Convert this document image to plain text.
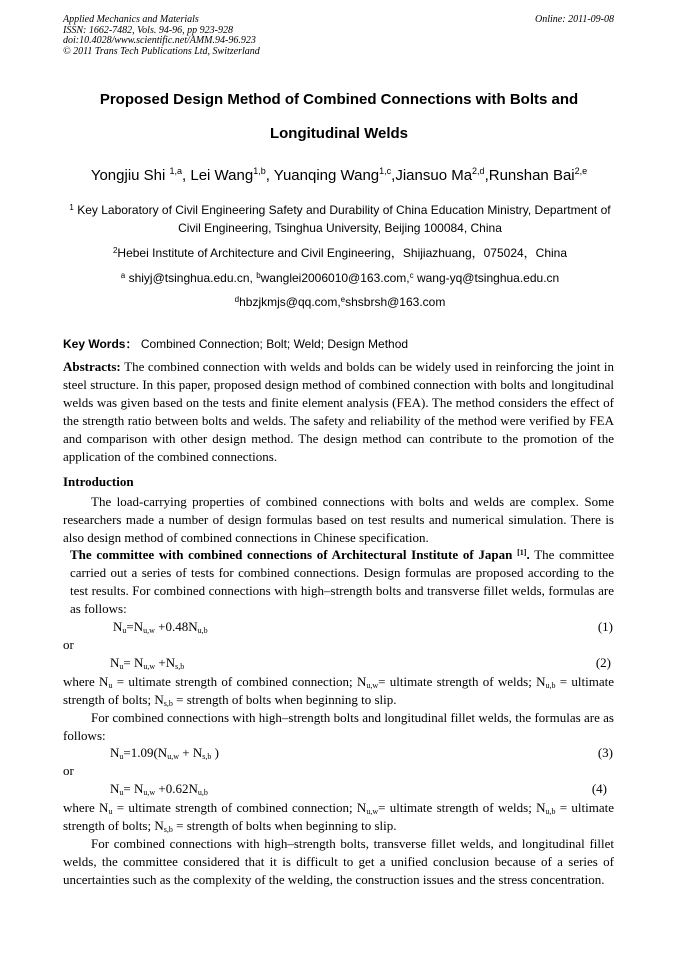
Applied Mechanics and Materials
ISSN: 1662-7482, Vols. 94-96, pp 923-928
doi:10.4028/www.scientific.net/AMM.94-96.923
© 2011 Trans Tech Publications Ltd, Switzerland
Online: 2011-09-08
Proposed Design Method of Combined Connections with Bolts and
Longitudinal Welds
Yongjiu Shi $^{1,a}$, Lei Wang$^{1,b}$, Yuanqing Wang$^{1,c}$,Jiansuo Ma$^{2,d}$,Runshan Bai$^{2,e}$
$^1$ Key Laboratory of Civil Engineering Safety and Durability of China Education Ministry, Department of Civil Engineering, Tsinghua University, Beijing 100084, China
$^2$Hebei Institute of Architecture and Civil Engineering，Shijiazhuang，075024，China
$^a$ shiyj@tsinghua.edu.cn, $^b$wanglei2006010@163.com,$^c$ wang-yq@tsinghua.edu.cn
$^d$hbzjkmjs@qq.com,$^e$shsbrsh@163.com
Key Words： Combined Connection; Bolt; Weld; Design Method
Abstracts: The combined connection with welds and bolds can be widely used in reinforcing the joint in steel structure. In this paper, proposed design method of combined connection with bolts and longitudinal welds was given based on the tests and finite element analysis (FEA). The method considers the effect of the strength ratio between bolts and welds. The safety and reliability of the method were verified by FEA and comparison with other design method. The design method can contribute to the promotion of the application of the combined connections.
Introduction
The load-carrying properties of combined connections with bolts and welds are complex. Some researchers made a number of design formulas based on test results and numerical simulation. There is also design method of combined connections in Chinese specification.
The committee with combined connections of Architectural Institute of Japan [1]. The committee carried out a series of tests for combined connections. Design formulas are proposed according to the test results. For combined connections with high–strength bolts and transverse fillet welds, formulas are as follows:
$N_u=N_{u,w} +0.48N_{u,b}$	(1)
or
$N_u= N_{u,w} +N_{s,b}$	(2)
where $N_u$ = ultimate strength of combined connection; $N_{u,w}=$ ultimate strength of welds; $N_{u,b}$ = ultimate strength of bolts; $N_{s,b}$ = strength of bolts when beginning to slip.
For combined connections with high–strength bolts and longitudinal fillet welds, the formulas are as follows:
$N_u=1.09(N_{u,w} + N_{s,b}$ )	(3)
or
$N_u= N_{u,w} +0.62N_{u,b}$	(4)
where $N_u$ = ultimate strength of combined connection; $N_{u,w}=$ ultimate strength of welds; $N_{u,b}$ = ultimate strength of bolts; $N_{s,b}$ = strength of bolts when beginning to slip.
For combined connections with high–strength bolts, transverse fillet welds, and longitudinal fillet welds, the committee considered that it is difficult to get a unified conclusion because of a series of uncertainties such as the complexity of the welding, the construction issues and the stress concentration.
